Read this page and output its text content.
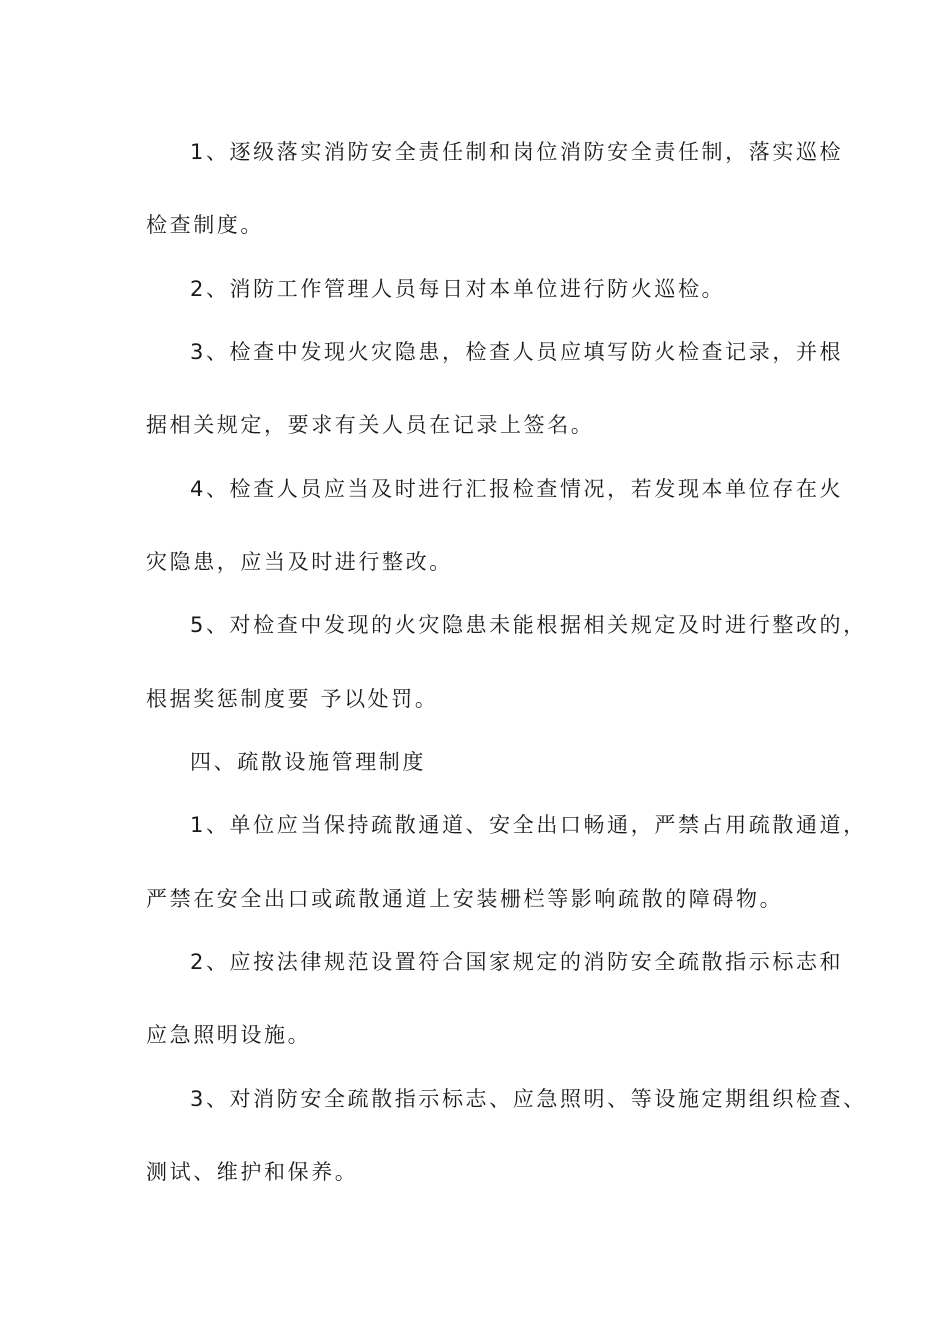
1、逐级落实消防安全责任制和岗位消防安全责任制，落实巡检
检查制度。
2、消防工作管理人员每日对本单位进行防火巡检。
3、检查中发现火灾隐患，检查人员应填写防火检查记录，并根
据相关规定，要求有关人员在记录上签名。
4、检查人员应当及时进行汇报检查情况，若发现本单位存在火
灾隐患，应当及时进行整改。
5、对检查中发现的火灾隐患未能根据相关规定及时进行整改的，
根据奖惩制度要 予以处罚。
四、疏散设施管理制度
1、单位应当保持疏散通道、安全出口畅通，严禁占用疏散通道，
严禁在安全出口或疏散通道上安装栅栏等影响疏散的障碍物。
2、应按法律规范设置符合国家规定的消防安全疏散指示标志和
应急照明设施。
3、对消防安全疏散指示标志、应急照明、等设施定期组织检查、
测试、维护和保养。
